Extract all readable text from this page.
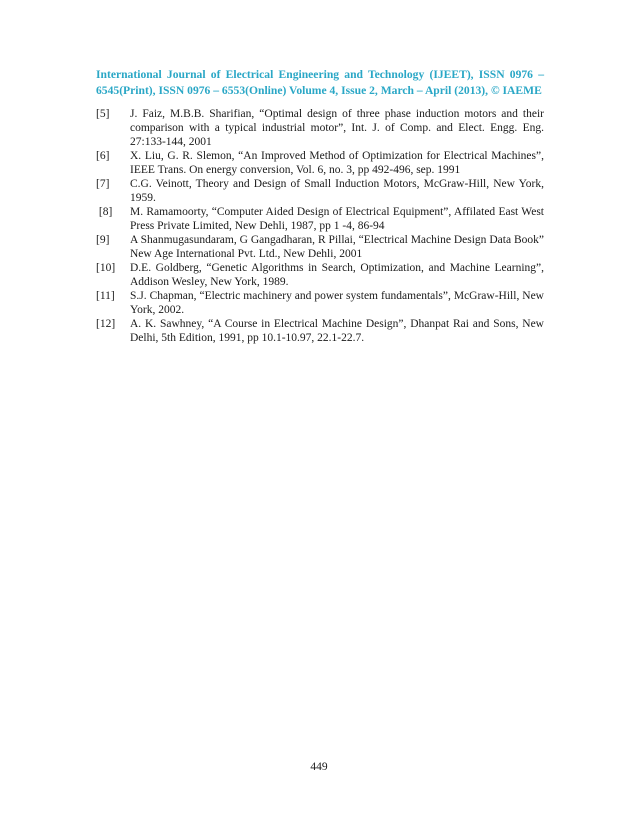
International Journal of Electrical Engineering and Technology (IJEET), ISSN 0976 – 6545(Print), ISSN 0976 – 6553(Online) Volume 4, Issue 2, March – April (2013), © IAEME
[5]	J. Faiz, M.B.B. Sharifian, “Optimal design of three phase induction motors and their comparison with a typical industrial motor”, Int. J. of Comp. and Elect. Engg. Eng. 27:133-144, 2001
[6]	X. Liu, G. R. Slemon, “An Improved Method of Optimization for Electrical Machines”, IEEE Trans. On energy conversion, Vol. 6, no. 3, pp 492-496, sep. 1991
[7]	C.G. Veinott, Theory and Design of Small Induction Motors, McGraw-Hill, New York, 1959.
[8]	M. Ramamoorty, “Computer Aided Design of Electrical Equipment”, Affilated East West Press Private Limited, New Dehli, 1987, pp 1 -4, 86-94
[9]	A Shanmugasundaram, G Gangadharan, R Pillai, “Electrical Machine Design Data Book” New Age International Pvt. Ltd., New Dehli, 2001
[10]	D.E. Goldberg, “Genetic Algorithms in Search, Optimization, and Machine Learning”, Addison Wesley, New York, 1989.
[11]	S.J. Chapman, “Electric machinery and power system fundamentals”, McGraw-Hill, New York, 2002.
[12]	A. K. Sawhney, “A Course in Electrical Machine Design”, Dhanpat Rai and Sons, New Delhi, 5th Edition, 1991, pp 10.1-10.97, 22.1-22.7.
449
